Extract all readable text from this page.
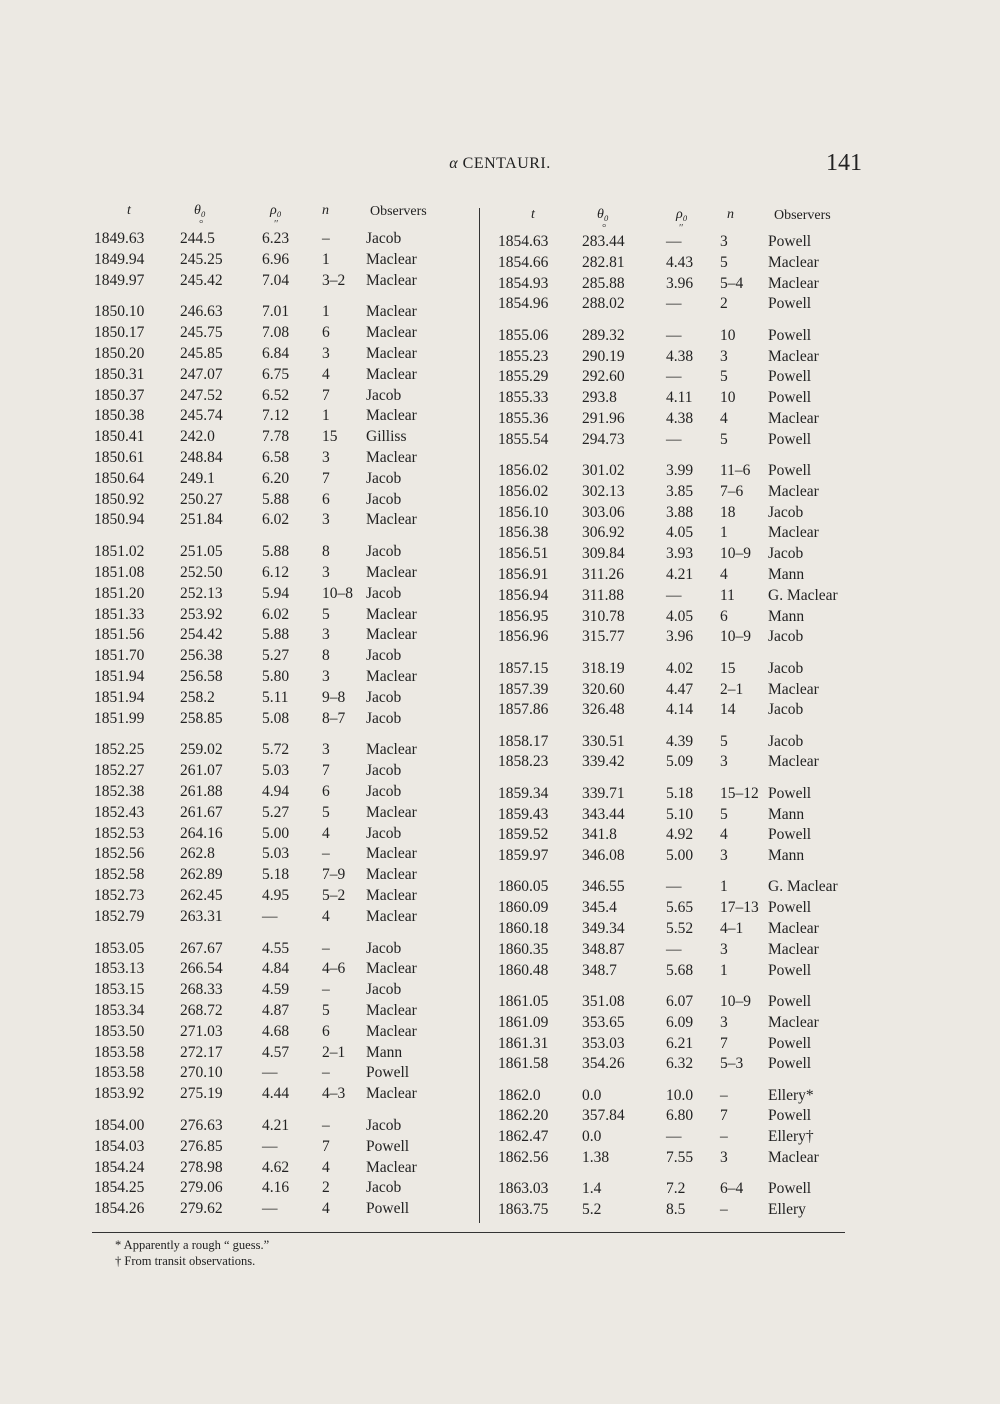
α CENTAURI.	141
t	θ₀	ρ₀	n	Observers
°	″
t	θ₀	ρ₀	n	Observers
°	″
1849.63 244.5	6.23 – Jacob
1849.94 245.25	6.96 1 Maclear
1849.97 245.42	7.04 3–2 Maclear
1850.10 246.63	7.01 1 Maclear
1850.17 245.75	7.08 6 Maclear
1850.20 245.85	6.84 3 Maclear
1850.31 247.07	6.75 4 Maclear
1850.37 247.52	6.52 7 Jacob
1850.38 245.74	7.12 1 Maclear
1850.41 242.0	7.78 15 Gilliss
1850.61 248.84	6.58 3 Maclear
1850.64 249.1	6.20 7 Jacob
1850.92 250.27	5.88 6 Jacob
1850.94 251.84	6.02 3 Maclear
1851.02 251.05	5.88 8 Jacob
1851.08 252.50	6.12 3 Maclear
1851.20 252.13	5.94 10–8 Jacob
1851.33 253.92	6.02 5 Maclear
1851.56 254.42	5.88 3 Maclear
1851.70 256.38	5.27 8 Jacob
1851.94 256.58	5.80 3 Maclear
1851.94 258.2	5.11 9–8 Jacob
1851.99 258.85	5.08 8–7 Jacob
1852.25 259.02	5.72 3 Maclear
1852.27 261.07	5.03 7 Jacob
1852.38 261.88	4.94 6 Jacob
1852.43 261.67	5.27 5 Maclear
1852.53 264.16	5.00 4 Jacob
1852.56 262.8	5.03 – Maclear
1852.58 262.89	5.18 7–9 Maclear
1852.73 262.45	4.95 5–2 Maclear
1852.79 263.31	—	4 Maclear
1853.05 267.67	4.55 – Jacob
1853.13 266.54	4.84 4–6 Maclear
1853.15 268.33	4.59 – Jacob
1853.34 268.72	4.87 5 Maclear
1853.50 271.03	4.68 6 Maclear
1853.58 272.17	4.57 2–1 Mann
1853.58 270.10	—	– Powell
1853.92 275.19	4.44 4–3 Maclear
1854.00 276.63	4.21 – Jacob
1854.03 276.85	—	7 Powell
1854.24 278.98	4.62 4 Maclear
1854.25 279.06	4.16 2 Jacob
1854.26 279.62	—	4 Powell
1854.63 283.44	— 3	Powell
1854.66 282.81	4.43 5	Maclear
1854.93 285.88	3.96 5–4 Maclear
1854.96 288.02	— 2	Powell
1855.06 289.32	— 10 Powell
1855.23 290.19	4.38 3	Maclear
1855.29 292.60	— 5	Powell
1855.33 293.8	4.11 10 Powell
1855.36 291.96	4.38 4	Maclear
1855.54 294.73	— 5	Powell
1856.02 301.02	3.99 11–6 Powell
1856.02 302.13	3.85 7–6 Maclear
1856.10 303.06	3.88 18 Jacob
1856.38 306.92	4.05 1	Maclear
1856.51 309.84	3.93 10–9 Jacob
1856.91 311.26	4.21 4	Mann
1856.94 311.88	— 11 G. Maclear
1856.95 310.78	4.05 6	Mann
1856.96 315.77	3.96 10–9 Jacob
1857.15 318.19	4.02 15 Jacob
1857.39 320.60	4.47 2–1 Maclear
1857.86 326.48	4.14 14 Jacob
1858.17 330.51	4.39 5	Jacob
1858.23 339.42	5.09 3	Maclear
1859.34 339.71	5.18 15–12 Powell
1859.43 343.44	5.10 5	Mann
1859.52 341.8	4.92 4	Powell
1859.97 346.08	5.00 3	Mann
1860.05 346.55	— 1	G. Maclear
1860.09 345.4	5.65 17–13 Powell
1860.18 349.34	5.52 4–1 Maclear
1860.35 348.87	— 3	Maclear
1860.48 348.7	5.68 1	Powell
1861.05 351.08	6.07 10–9 Powell
1861.09 353.65	6.09 3	Maclear
1861.31 353.03	6.21 7	Powell
1861.58 354.26	6.32 5–3 Powell
1862.0	0.0	10.0 –	Ellery*
1862.20 357.84	6.80 7	Powell
1862.47 0.0	— –	Ellery†
1862.56 1.38	7.55 3	Maclear
1863.03 1.4	7.2 6–4 Powell
1863.75 5.2	8.5 –	Ellery
* Apparently a rough “ guess.”
† From transit observations.
